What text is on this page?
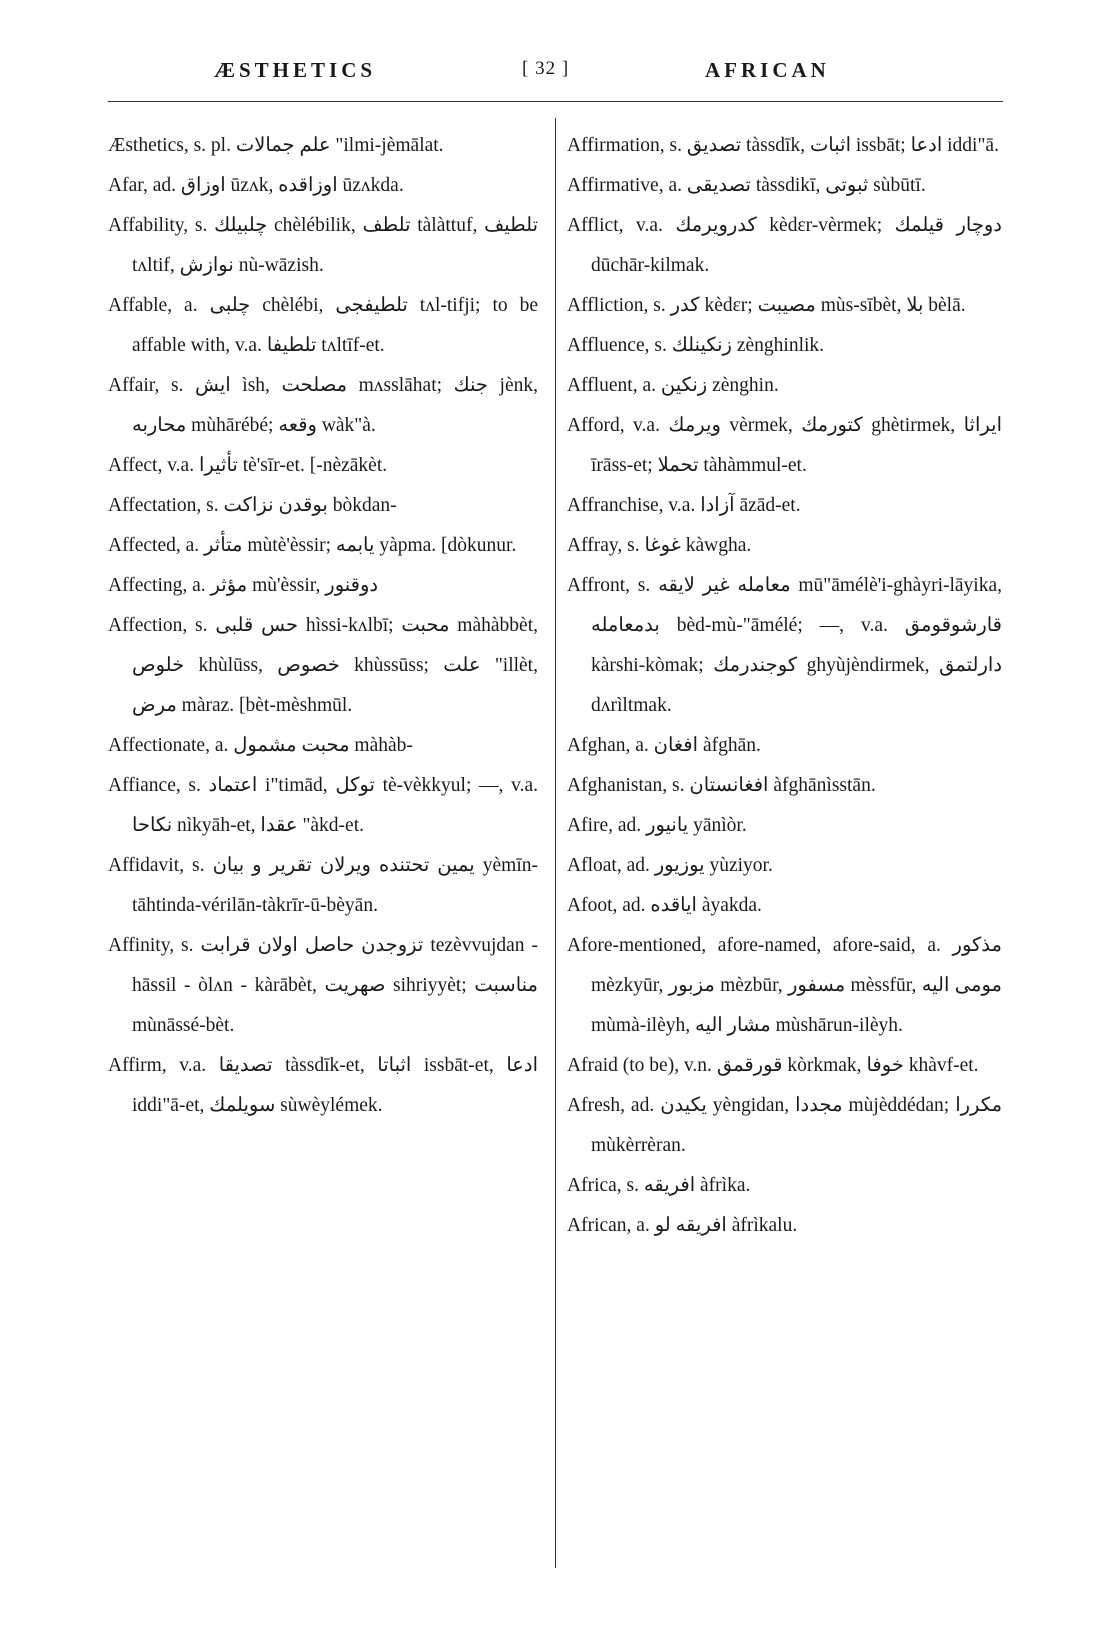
ÆSTHETICS	[ 32 ]	AFRICAN

Æsthetics, s. pl. علم جمالات "ilmi-jèmālat.

Afar, ad. اوزاق ūzʌk, اوزاقده ūzʌkda.

Affability, s. چلبيلك chèlébilik, تلطف tàlàttuf, تلطيف tʌltif, نوازش nù-wāzish.

Affable, a. چلبى chèlébi, تلطيفجى tʌl-tifji; to be affable with, v.a. تلطيفا tʌltīf-et.

Affair, s. ايش ìsh, مصلحت mʌsslāhat; جنك jènk, محاربه mùhārébé; وقعه wàk"à.

Affect, v.a. تأثيرا tè'sīr-et. [-nèzākèt.

Affectation, s. بوقدن نزاكت bòkdan-

Affected, a. متأثر mùtè'èssir; يابمه yàpma. [dòkunur.

Affecting, a. مؤثر mù'èssir, دوقنور

Affection, s. حس قلبى hìssi-kʌlbī; محبت màhàbbèt, خلوص khùlūss, خصوص khùssūss; علت "illèt, مرض màraz. [bèt-mèshmūl.

Affectionate, a. محبت مشمول màhàb-

Affiance, s. اعتماد i"timād, توكل tè-vèkkyul; —, v.a. نكاحا nìkyāh-et, عقدا "àkd-et.

Affidavit, s. يمين تحتنده ويرلان تقرير و بيان yèmīn-tāhtinda-vérilān-tàkrīr-ū-bèyān.

Affinity, s. تزوجدن حاصل اولان قرابت tezèvvujdan - hāssil - òlʌn - kàrābèt, صهريت sihriyyèt; مناسبت mùnāssé-bèt.

Affirm, v.a. تصديقا tàssdīk-et, اثباتا issbāt-et, ادعا iddi"ā-et, سويلمك sùwèylémek.

Affirmation, s. تصديق tàssdīk, اثبات issbāt; ادعا iddi"ā.

Affirmative, a. تصديقى tàssdikī, ثبوتى sùbūtī.

Afflict, v.a. كدرويرمك kèdɛr-vèrmek; دوچار قيلمك dūchār-kilmak.

Affliction, s. كدر kèdɛr; مصيبت mùs-sībèt, بلا bèlā.

Affluence, s. زنكينلك zènghinlik.

Affluent, a. زنكين zènghin.

Afford, v.a. ويرمك vèrmek, كتورمك ghètirmek, ايراثا īrāss-et; تحملا tàhàmmul-et.

Affranchise, v.a. آزادا āzād-et.

Affray, s. غوغا kàwgha.

Affront, s. معامله غير لايقه mū"āmélè'i-ghàyri-lāyika, بدمعامله bèd-mù-"āmélé; —, v.a. قارشوقومق kàrshi-kòmak; كوجندرمك ghyùjèndirmek, دارلتمق dʌrìltmak.

Afghan, a. افغان àfghān.

Afghanistan, s. افغانستان àfghānìsstān.

Afire, ad. يانيور yānìòr.

Afloat, ad. يوزيور yùziyor.

Afoot, ad. اياقده àyakda.

Afore-mentioned, afore-named, afore-said, a. مذكور mèzkyūr, مزبور mèzbūr, مسفور mèssfūr, مومى اليه mùmà-ilèyh, مشار اليه mùshārun-ilèyh.

Afraid (to be), v.n. قورقمق kòrkmak, خوفا khàvf-et.

Afresh, ad. يكيدن yèngidan, مجددا mùjèddédan; مكررا mùkèrrèran.

Africa, s. افريقه àfrìka.

African, a. افريقه لو àfrìkalu.
